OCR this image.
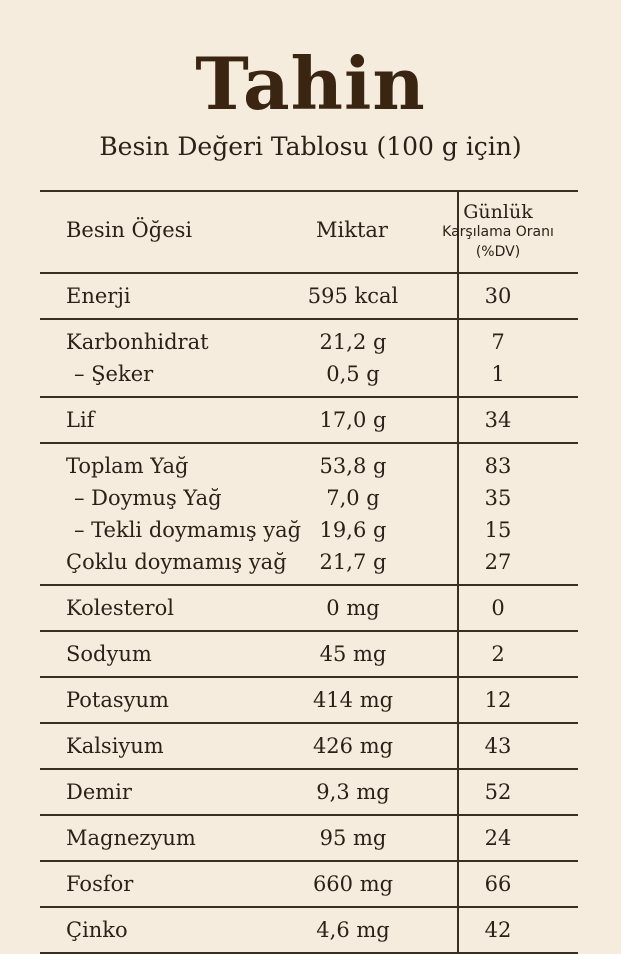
Tahin
Besin Değeri Tablosu (100 g için)
Besin Öğesi	Miktar
Günlük
Karşılama Oranı
(%DV)
Enerji	595 kcal	30
Karbonhidrat	21,2 g	7
– Şeker	0,5 g	1
Lif	17,0 g	34
Toplam Yağ	53,8 g	83
– Doymuş Yağ	7,0 g	35
– Tekli doymamış yağ 19,6 g	15
Çoklu doymamış yağ	21,7 g	27
Kolesterol	0 mg	0
Sodyum	45 mg	2
Potasyum	414 mg	12
Kalsiyum	426 mg	43
Demir	9,3 mg	52
Magnezyum	95 mg	24
Fosfor	660 mg	66
Çinko	4,6 mg	42
